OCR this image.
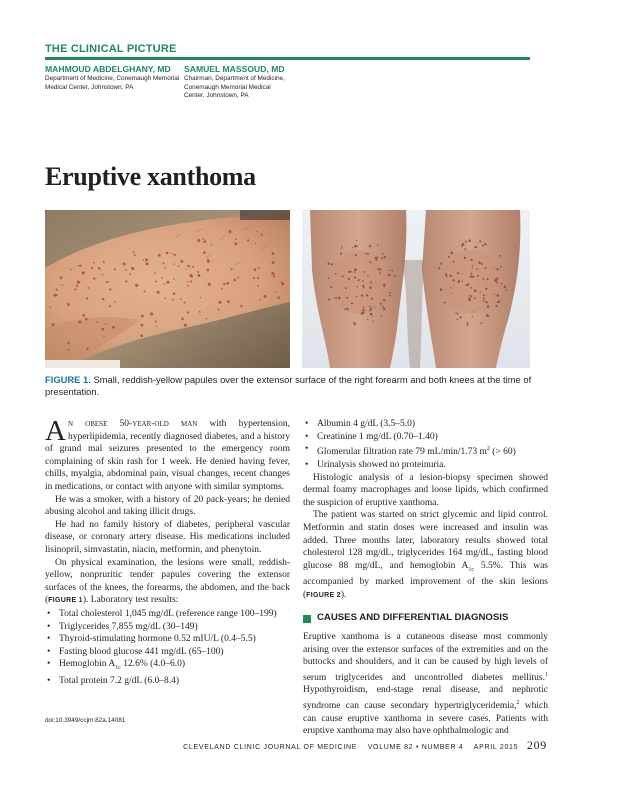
THE CLINICAL PICTURE
MAHMOUD ABDELGHANY, MD
Department of Medicine, Conemaugh Memorial
Medical Center, Johnstown, PA
SAMUEL MASSOUD, MD
Chairman, Department of Medicine,
Conemaugh Memorial Medical
Center, Johnstown, PA
Eruptive xanthoma
FIGURE 1. Small, reddish-yellow papules over the extensor surface of the right forearm and both knees at the time of presentation.

An obese 50-year-old man with hypertension, hyperlipidemia, recently diagnosed diabetes, and a history of grand mal seizures presented to the emergency room complaining of skin rash for 1 week. He denied having fever, chills, myalgia, abdominal pain, visual changes, recent changes in medications, or contact with anyone with similar symptoms.

He was a smoker, with a history of 20 pack-years; he denied abusing alcohol and taking illicit drugs.

He had no family history of diabetes, peripheral vascular disease, or coronary artery disease. His medications included lisinopril, simvastatin, niacin, metformin, and phenytoin.

On physical examination, the lesions were small, reddish-yellow, nonpruritic tender papules covering the extensor surfaces of the knees, the forearms, the abdomen, and the back (FIGURE 1). Laboratory test results:

• Total cholesterol 1,045 mg/dL (reference range 100–199)
• Triglycerides 7,855 mg/dL (30–149)
• Thyroid-stimulating hormone 0.52 mIU/L (0.4–5.5)
• Fasting blood glucose 441 mg/dL (65–100)
• Hemoglobin $A_{1c}$ 12.6% (4.0–6.0)
• Total protein 7.2 g/dL (6.0–8.4)
doi:10.3949/ccjm.82a.14081
• Albumin 4 g/dL (3.5–5.0)
• Creatinine 1 mg/dL (0.70–1.40)
• Glomerular filtration rate 79 mL/min/1.73 $m^2$ (> 60)
• Urinalysis showed no proteinuria.

Histologic analysis of a lesion-biopsy specimen showed dermal foamy macrophages and loose lipids, which confirmed the suspicion of eruptive xanthoma.

The patient was started on strict glycemic and lipid control. Metformin and statin doses were increased and insulin was added. Three months later, laboratory results showed total cholesterol 128 mg/dL, triglycerides 164 mg/dL, fasting blood glucose 88 mg/dL, and hemoglobin $A_{1c}$ 5.5%. This was accompanied by marked improvement of the skin lesions (FIGURE 2).

CAUSES AND DIFFERENTIAL DIAGNOSIS

Eruptive xanthoma is a cutaneous disease most commonly arising over the extensor surfaces of the extremities and on the buttocks and shoulders, and it can be caused by high levels of serum triglycerides and uncontrolled diabetes mellitus.$^1$ Hypothyroidism, end-stage renal disease, and nephrotic syndrome can cause secondary hypertriglyceridemia,$^2$ which can cause eruptive xanthoma in severe cases. Patients with eruptive xanthoma may also have ophthalmologic and

CLEVELAND CLINIC JOURNAL OF MEDICINE VOLUME 82 • NUMBER 4 APRIL 2015 209
